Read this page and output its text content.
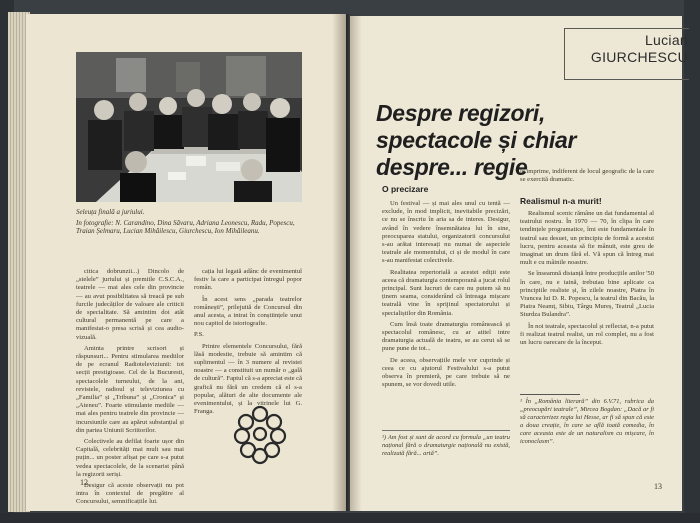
Seleuța finală a juriului.

In fotografie: N. Carandino, Dina Săvaru, Adriana Leonescu, Radu, Popescu, Traian Șelmaru, Lucian Mihăilescu, Giurchescu, Ion Mihăileanu.

citica dobrunzii...) Dincolo de „stelele” juriului și premiile C.S.C.A., teatrele — mai ales cele din provincie — au avut posibilitatea să treacă pe sub furcile judecăților de valoare ale criticii de specialitate. Să amintim doi atât cultural permanentă pe care a manifestat-o presa scrisă și cea audio-vizuală.

Aminta printre scrisori și răspunsuri... Pentru stimularea mediilor de pe ecranul Radioteleviziunii: tot secții prestigioase. Cel de la Bucuresti, spectacolele turneului, de la ani, revistele, radioul și televiziunea cu „Familia” și „Tribuna” și „Cronica” și „Ateneu”. Foarte stimulante mediile — mai ales pentru teatrele din provincie — incursiunile care au apărut substanțial și din partea Uniunii Scriitorilor.

Colectivele au defilat foarte ușor din Capitală, celebrități mai mult sau mai puțin... un poster afișat pe care s-a putut vedea spectacolele, de la scenarist până la regizorii seriși.

Desigur că aceste observații nu pot intra în contextul de pregătire al Concursului, semnificațiile lui.

cația lui legată adânc de evenimentul festiv la care a participat întregul popor român.

În acest sens „parada teatrelor românești”, prilejuită de Concursul din anul acesta, a intrat în conștiințele unui nou capitol de istoriografie.

P.S.

Printre elementele Concursului, fără lăsă modestie, trebuie să amintim că suplimentul — în 3 numere al revistei noastre — a constituit un număr o „gală de cultură”. Faptul că s-a apreciat este că grafică nu fără un credem că el s-a popular, alături de alte documente ale evenimentului, și la vitrinele lui G. Franga.

12
Lucian
GIURCHESCU
Despre regizori, spectacole și chiar despre... regie
O precizare

Un festival — și mai ales unul cu tentă — exclude, în mod implicit, inevitabile precizări, ce nu se înscriu în aria sa de interes. Desigur, având în vedere însemnătatea lui în sine, preocuparea statului, organizatorii concursului s-au arătat interesați nu numai de aspectele teatrale ale momentului, ci și de modul în care s-au manifestat colectivele.

Realitatea repertorială a acestei ediții este aceea că dramaturgia contemporană a jucat rolul principal. Sunt lucruri de care nu putem să nu ținem seama, considerând că întreaga mișcare teatrală vine în sprijinul spectatorului și specialiștilor din România.

Cum însă toate dramaturgia românească și spectacolul românesc, cu ar atitel intre dramaturgia actuală de teatru, se au cerut să se pune pune de tot...

De aceea, observațiile mele vor cuprinde și ceea ce cu ajutorul Festivalului s-a putut observa în premieră, pe care trebuie să ne spunem, se vor dovedi utile.

¹) Am fost și sunt de acord cu formula „un teatru național fără o dramaturgie națională nu există, realizată fără... artă”.

le imprime, indiferent de locul geografic de la care se exercită dramatic.

Realismul n-a murit!

Realismul scenic rămâne un dat fundamental al teatrului nostru. În 1970 — 70, în clipa în care tendințele programatice, îmi este fundamentale în teatrul sau desuet, un principiu de formă a acestui lucru, pentru aceasta să fie mânuit, este greu de imaginat un drum fără el. Vă spun că întreg mai mult e cu mâinile noastre.

Se înseamnă distanță între producțiile anilor '50 în care, nu e taină, trebuiau bine aplicate ca principiile realiste și, în zilele noastre, Piatra în Vrancea lui D. R. Popescu, la teatrul din Bacău, la Piatra Neamț, Sibiu, Târgu Mureș, Teatrul „Lucia Sturdza Bulandra”.

În noi teatrale, spectacolul și reflectat, n-a putut fi realizat teatrul realist, un rol complet, nu a fost un lucru oarecare de la început.

¹ În „România literară” din 6.V.71, rubrica da „preocupări teatrale”, Mircea Bogdan: „Dacă ar fi să caracterizez regia lui Hesse, ar fi să spun că este a doua creație, în care se află toată comedia, în care aceasta este de un naturalism cu mișcare, în iconoclasm”.
13
